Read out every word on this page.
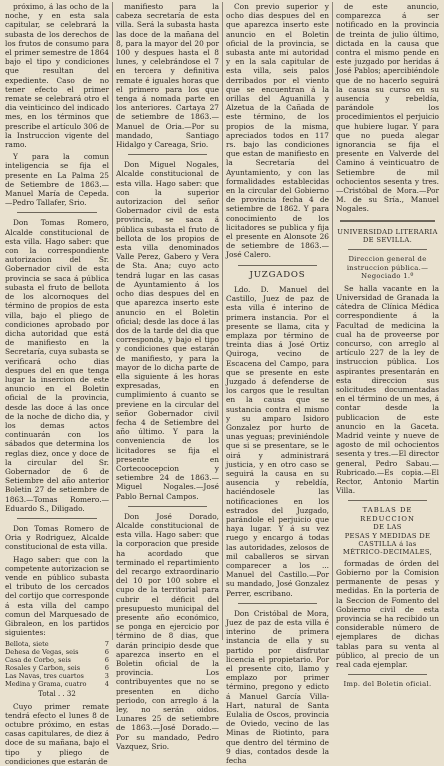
próximo, á las ocho de la noche, y en esta sala capitular, se celebrará la subasta de los derechos de los frutos de consumo para el primer semestre de 1864 bajo el tipo y condiciones que resultan del expediente. Caso de no tener efecto el primer remate se celebrará otro el dia veinticinco del indicado mes, en los términos que prescribe el artículo 306 de la Instruccion vigente del ramo.

Y para la comun inteligencia se fija el presente en La Palma 25 de Setiembre de 1863.—Manuel María de Cepeda.—Pedro Tallafer, Srio.

Don Tomas Romero, Alcalde constitucional de esta villa. Hago saber: que con la correspondiente autorizacion del Sr. Gobernador civil de esta provincia se saca á pública subasta el fruto de bellota de los alcornoques del término de propios de esta villa, bajo el pliego de condiciones aprobado por dicha autoridad que está de manifiesto en la Secretaría, cuya subasta se verificará ocho dias despues del en que tenga lugar la insercion de este anuncio en el Boletin oficial de la provincia, desde las doce á las once de la noche de dicho dia, y los demas actos continuarán con los sábados que determina los reglas diez, once y doce de la circular del Sr. Gobernador de 6 de Setiembre del año anterior Boletin 27 de setiembre de 1863.—Tomas Romero.—Eduardo S., Diligado.

Don Tomas Romero de Oria y Rodriguez, Alcalde constitucional de esta villa.

Hago saber: que con la competente autorizacion se vende en público subasta el tributo de los cercados del cortijo que corresponde á esta villa del campo comun del Marquesado de Gibraleon, en los partidos siguientes:

Bellota, siete	7
Dehesa de Vegas, seis	6
Casa de Corbo, seis	6
Rosales y Carbon, seis	6
Las Navas, tres cuartos	3
Medina y Grama, cuatro	4
Total . . 32

Cuyo primer remate tendrá efecto el lunes 8 de octubre próximo, en estas casas capitulares, de diez á doce de su mañana, bajo el tipo y pliego de condiciones que estarán de

manifiesto para la cabeza secretaría de esta villa. Será la subasta hasta las doce de la mañana del 8, para la mayor del 20 por 100 y despues hasta el 8 lunes, y celebrándose el 7 en tercera y definitiva remate é iguales horas que el primero para los que tenga á nomada parte en los anteriores. Cartaya 27 de setiembre de 1863.—Manuel de Oria.—Por su mandado, Santiago Hidalgo y Careaga, Srio.

Don Miguel Nogales, Alcalde constitucional de esta villa. Hago saber: que con la superior autorizacion del señor Gobernador civil de esta provincia, se saca á pública subasta el fruto de bellota de los propios de esta villa denominados Valle Perez, Gabero y Vera de Sta. Ana; cuyo acto tendrá lugar en las casas de Ayuntamiento á los ocho dias despues del en que aparezca inserto este anuncio en el Boletin oficial; desde las doce á las dos de la tarde del dia que corresponda, y bajo el tipo y condiciones que estarán de manifiesto, y para la mayor de lo dicha parte de ella siguiente á les horas expresadas, en cumplimiento á cuanto se previene en la circular del señor Gobernador civil fecha 4 de Setiembre del año último. Y para la conveniencia de los licitadores se fija el presente en Cortecoocepcion y setiembre 24 de 1863.—Miguel Nogales.—José Pablo Bernal Campos.

Don José Dorado, Alcalde constitucional de esta villa. Hago saber: que la corporacion que preside ha acordado que terminado el repartimiento del recargo extraordinario del 10 por 100 sobre el cupo de la territorial para cubrir el déficit del presupuesto municipal del presente año económico, se ponga en ejercicio por término de 8 dias, que darán principio desde que aparezca inserto en el Boletin oficial de la provincia. Los contribuyentes que no se presenten en dicho periodo, con arreglo á la ley, no serán oidos. Lunares 25 de setiembre de 1863.—José Dorado.—Por su mandado, Pedro Vazquez, Srio.

Con previo superior y ocho dias despues del en que aparezca inserto este anuncio en el Boletin oficial de la provincia, se subasta ante mi autoridad y en la sala capitular de esta villa, seis palos derribados por el viento que se encuentran á la orillas del Aguanilla y Alzetua de la Cañada de este término, de los propios de la misma, apreciados todos en 117 rs. bajo las condiciones que estan de manifiesto en la Secretaría del Ayuntamiento, y con las formalidades establecidas en la circular del Gobierno de provincia fecha 4 de setiembre de 1862. Y para conocimiento de los licitadores se publica y fija el presente en Alonsote 26 de setiembre de 1863.—José Calero.

JUZGADOS

Ldo. D. Manuel del Castillo, Juez de paz de esta villa é interino de primera instancia. Por el presente se llama, cita y emplaza por término de treinta dias á José Ortiz Quiroga, vecino de Escacena del Campo, para que se presente en este Juzgado á defenderse de los cargos que le resultan en la causa que se sustancia contra el mismo y su amparo Isidoro Gonzalez por hurto de unas yeguas; previniéndole que si se presentare, se le oirá y administrará justicia, y en otro caso se seguirá la causa en su ausencia y rebeldía, haciéndosele las notificaciones en los estrados del Juzgado, parándole el perjuicio que haya lugar. Y á su vez ruego y encargo á todas las autoridades, zelosos de mil caballeros se sirvan comparecer a los ... Manuel del Castillo.—Por su mandado, José Gonzalez Perrer, escribano.

Don Cristóbal de Mora, Juez de paz de esta villa é interino de primera instancia de ella y su partido por disfrutar licencia el propietario. Por el presente cito, llamo y emplazo por primer término, pregono y edicto á Manuel García Villa-Hart, natural de Santa Eulalia de Oscos, provincia de Oviedo, vecino de las Minas de Riotinto, para que dentro del término de 9 dias, contados desde la fecha

de este anuncio, comparezca á ser notificado en la provincia de treinta de julio último, dictada en la causa que contra el mismo pende en este juzgado por heridas á José Pablos; apercibiéndole que de no hacerlo seguirá la causa su curso en su ausencia y rebeldía, parándole los procedimientos el perjuicio que hubiere lugar. Y para que no pueda alegar ignorancia se fija el presente en Valverde del Camino á veinticuatro de Setiembre de mil ochocientos sesenta y tres.—Cristóbal de Mora.—Por M. de su Sría., Manuel Nogales.

UNIVERSIDAD LITERARIA DE SEVILLA.
Direccion general de instruccion pública.—Negociado 1.º

Se halla vacante en la Universidad de Granada la cátedra de Clínica Médica correspondiente á la Facultad de medicina la cual ha de proveerse por concurso, con arreglo al artículo 227 de la ley de instruccion pública. Los aspirantes presentarán en esta direccion sus solicitudes documentadas en el término de un mes, á contar desde la publicacion de este anuncio en la Gaceta. Madrid veinte y nueve de agosto de mil ochocientos sesenta y tres.—El director general, Pedro Sabau.—Rubricado.—Es copia.—El Rector, Antonio Martin Villa.

TABLAS DE REDUCCION
DE LAS
PESAS Y MEDIDAS DE CASTILLA á las
MÉTRICO-DECIMALES,

formadas de órden del Gobierno por la Comision permanente de pesas y medidas. En la porteria de la Seccion de Fomento del Gobierno civil de esta provincia se ha recibido un considerable número de ejemplares de dichas tablas para su venta al público, al precio de un real cada ejemplar.

Imp. del Boletin oficial.
